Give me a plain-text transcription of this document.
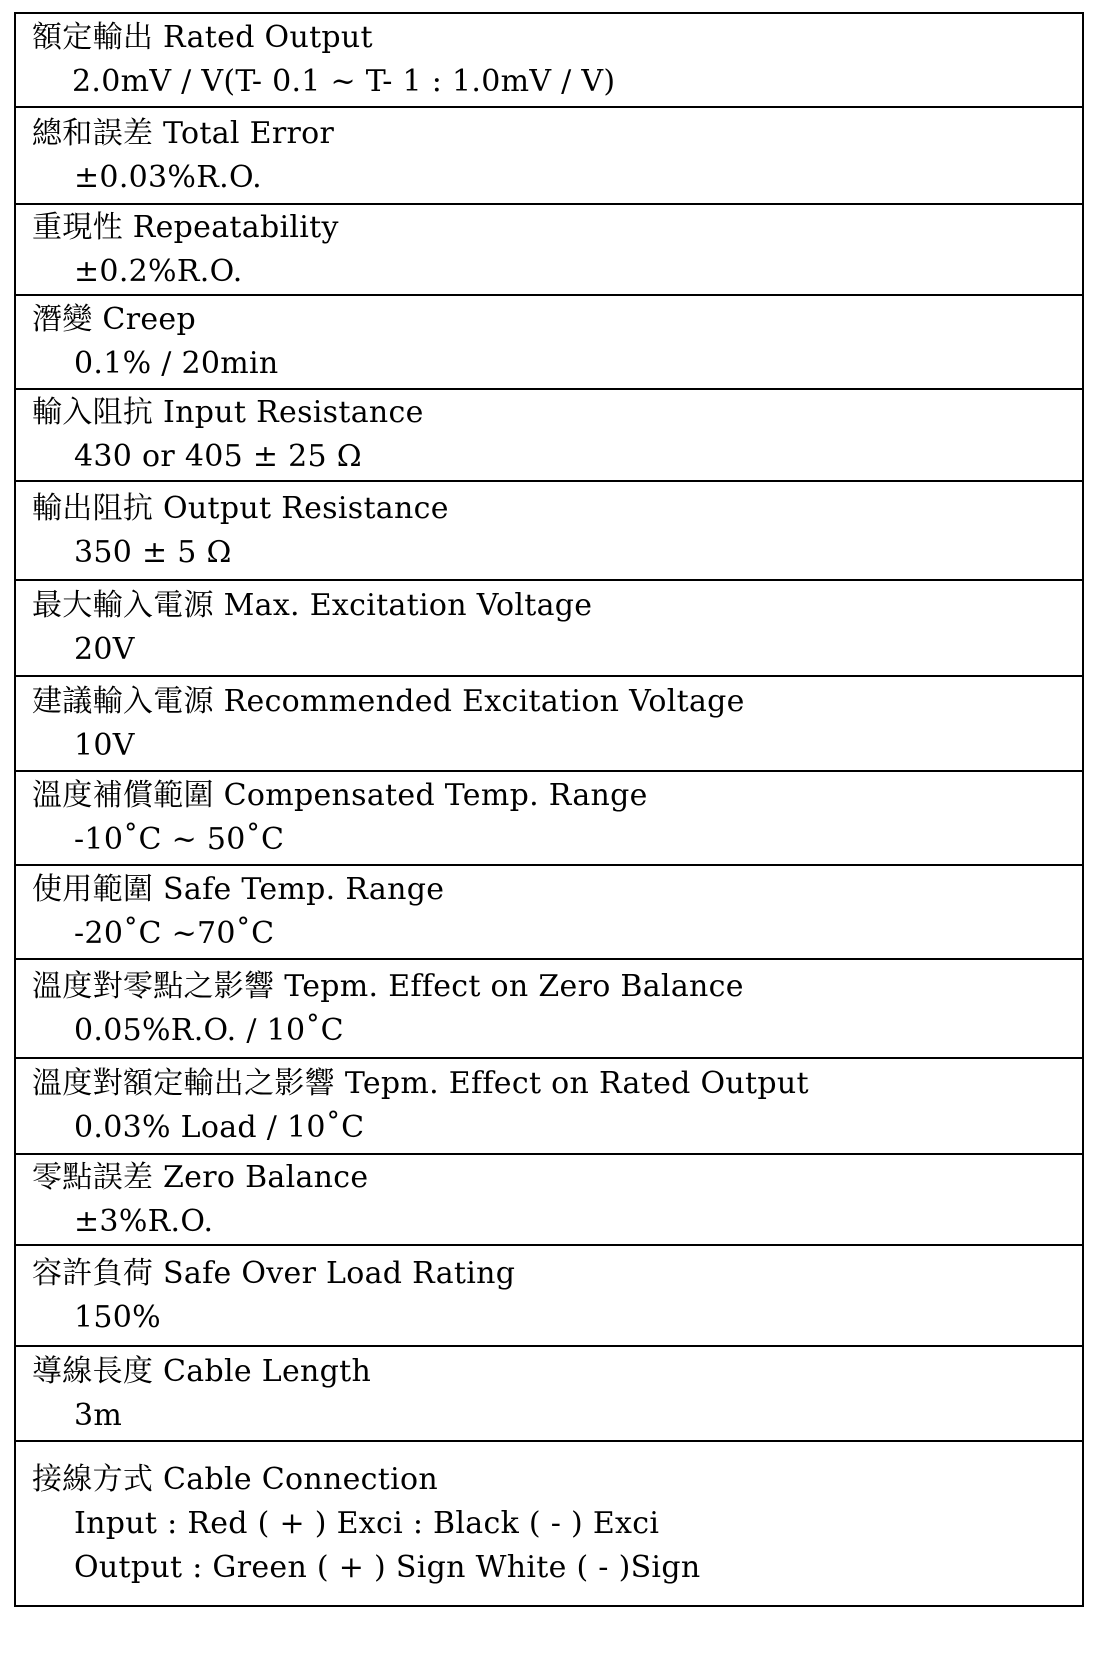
額定輸出 Rated Output
2.0mV / V(T- 0.1 ~ T- 1 : 1.0mV / V)
總和誤差 Total Error
±0.03%R.O.
重現性 Repeatability
±0.2%R.O.
潛變 Creep
0.1% / 20min
輸入阻抗 Input Resistance
430 or 405 ± 25 Ω
輸出阻抗 Output Resistance
350 ± 5 Ω
最大輸入電源 Max. Excitation Voltage
20V
建議輸入電源 Recommended Excitation Voltage
10V
溫度補償範圍 Compensated Temp. Range
-10˚C ~ 50˚C
使用範圍 Safe Temp. Range
-20˚C ~70˚C
溫度對零點之影響 Tepm. Effect on Zero Balance
0.05%R.O. / 10˚C
溫度對額定輸出之影響 Tepm. Effect on Rated Output
0.03% Load / 10˚C
零點誤差 Zero Balance
±3%R.O.
容許負荷 Safe Over Load Rating
150%
導線長度 Cable Length
3m
接線方式 Cable Connection
Input : Red ( + ) Exci : Black ( - ) Exci
Output : Green ( + ) Sign White ( - )Sign
